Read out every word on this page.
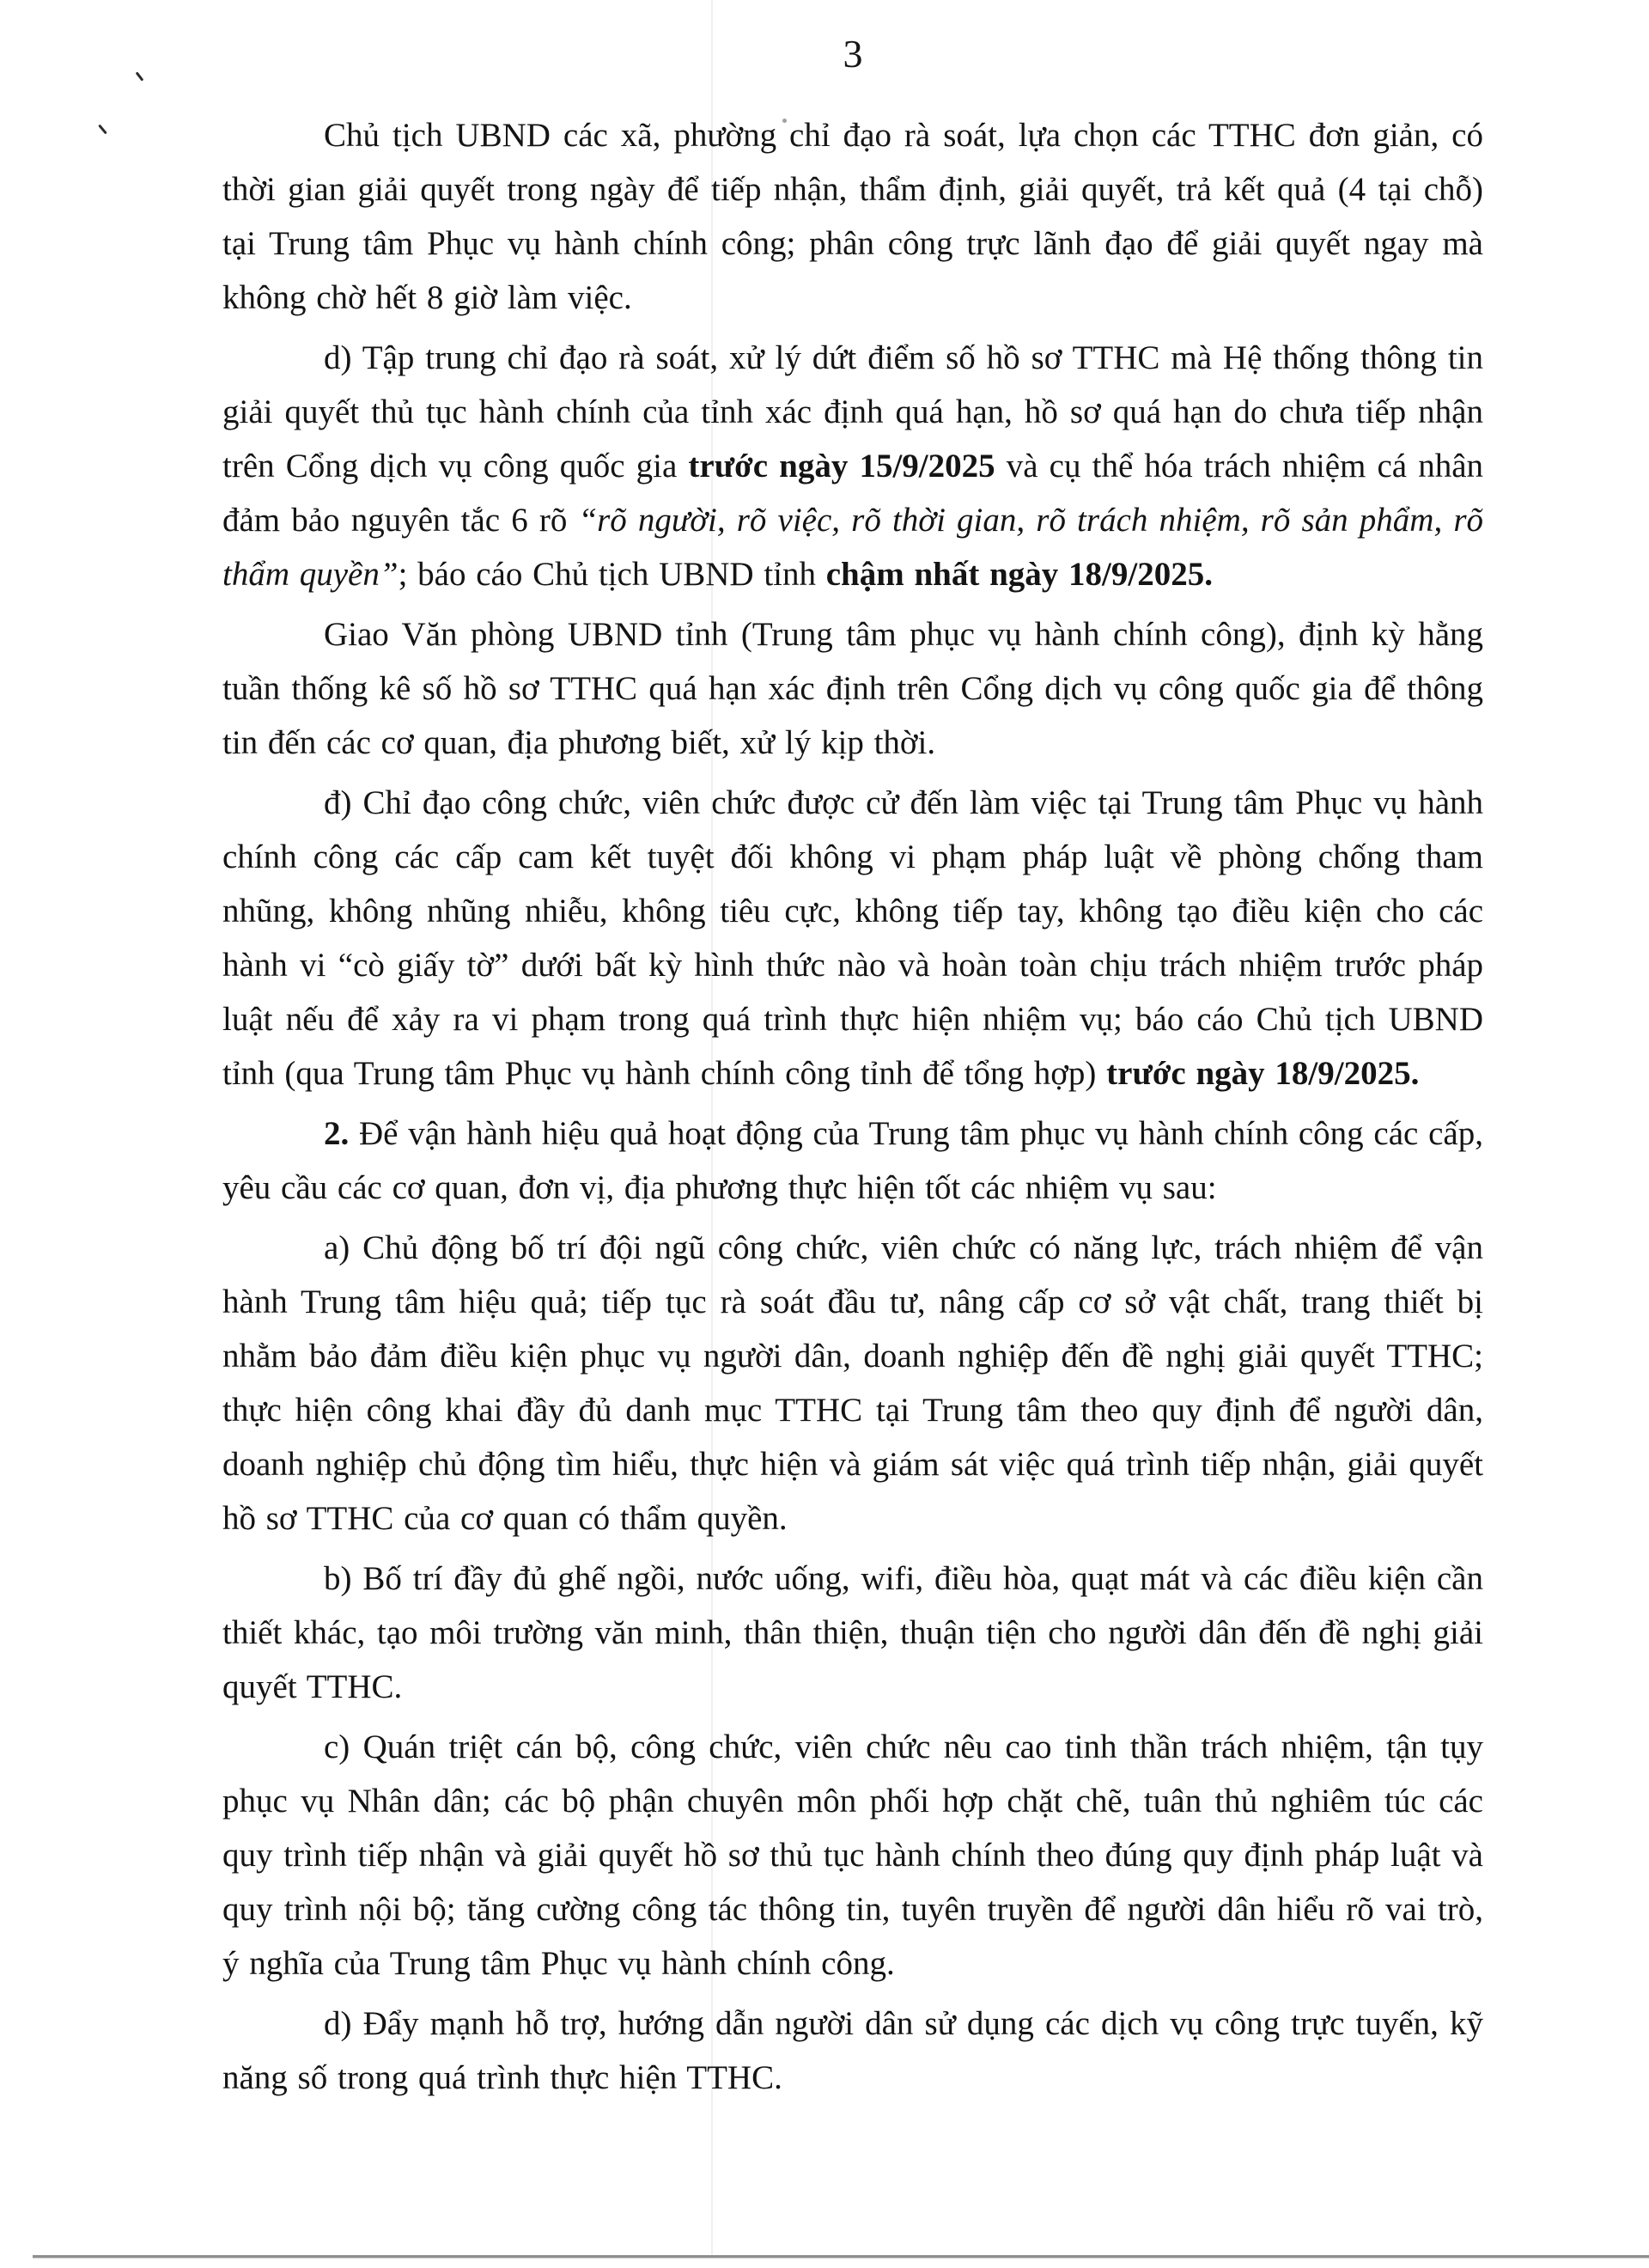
3

Chủ tịch UBND các xã, phường chỉ đạo rà soát, lựa chọn các TTHC đơn giản, có thời gian giải quyết trong ngày để tiếp nhận, thẩm định, giải quyết, trả kết quả (4 tại chỗ) tại Trung tâm Phục vụ hành chính công; phân công trực lãnh đạo để giải quyết ngay mà không chờ hết 8 giờ làm việc.

d) Tập trung chỉ đạo rà soát, xử lý dứt điểm số hồ sơ TTHC mà Hệ thống thông tin giải quyết thủ tục hành chính của tỉnh xác định quá hạn, hồ sơ quá hạn do chưa tiếp nhận trên Cổng dịch vụ công quốc gia trước ngày 15/9/2025 và cụ thể hóa trách nhiệm cá nhân đảm bảo nguyên tắc 6 rõ “rõ người, rõ việc, rõ thời gian, rõ trách nhiệm, rõ sản phẩm, rõ thẩm quyền”; báo cáo Chủ tịch UBND tỉnh chậm nhất ngày 18/9/2025.

Giao Văn phòng UBND tỉnh (Trung tâm phục vụ hành chính công), định kỳ hằng tuần thống kê số hồ sơ TTHC quá hạn xác định trên Cổng dịch vụ công quốc gia để thông tin đến các cơ quan, địa phương biết, xử lý kịp thời.

đ) Chỉ đạo công chức, viên chức được cử đến làm việc tại Trung tâm Phục vụ hành chính công các cấp cam kết tuyệt đối không vi phạm pháp luật về phòng chống tham nhũng, không nhũng nhiễu, không tiêu cực, không tiếp tay, không tạo điều kiện cho các hành vi “cò giấy tờ” dưới bất kỳ hình thức nào và hoàn toàn chịu trách nhiệm trước pháp luật nếu để xảy ra vi phạm trong quá trình thực hiện nhiệm vụ; báo cáo Chủ tịch UBND tỉnh (qua Trung tâm Phục vụ hành chính công tỉnh để tổng hợp) trước ngày 18/9/2025.

2. Để vận hành hiệu quả hoạt động của Trung tâm phục vụ hành chính công các cấp, yêu cầu các cơ quan, đơn vị, địa phương thực hiện tốt các nhiệm vụ sau:

a) Chủ động bố trí đội ngũ công chức, viên chức có năng lực, trách nhiệm để vận hành Trung tâm hiệu quả; tiếp tục rà soát đầu tư, nâng cấp cơ sở vật chất, trang thiết bị nhằm bảo đảm điều kiện phục vụ người dân, doanh nghiệp đến đề nghị giải quyết TTHC; thực hiện công khai đầy đủ danh mục TTHC tại Trung tâm theo quy định để người dân, doanh nghiệp chủ động tìm hiểu, thực hiện và giám sát việc quá trình tiếp nhận, giải quyết hồ sơ TTHC của cơ quan có thẩm quyền.

b) Bố trí đầy đủ ghế ngồi, nước uống, wifi, điều hòa, quạt mát và các điều kiện cần thiết khác, tạo môi trường văn minh, thân thiện, thuận tiện cho người dân đến đề nghị giải quyết TTHC.

c) Quán triệt cán bộ, công chức, viên chức nêu cao tinh thần trách nhiệm, tận tụy phục vụ Nhân dân; các bộ phận chuyên môn phối hợp chặt chẽ, tuân thủ nghiêm túc các quy trình tiếp nhận và giải quyết hồ sơ thủ tục hành chính theo đúng quy định pháp luật và quy trình nội bộ; tăng cường công tác thông tin, tuyên truyền để người dân hiểu rõ vai trò, ý nghĩa của Trung tâm Phục vụ hành chính công.

d) Đẩy mạnh hỗ trợ, hướng dẫn người dân sử dụng các dịch vụ công trực tuyến, kỹ năng số trong quá trình thực hiện TTHC.
